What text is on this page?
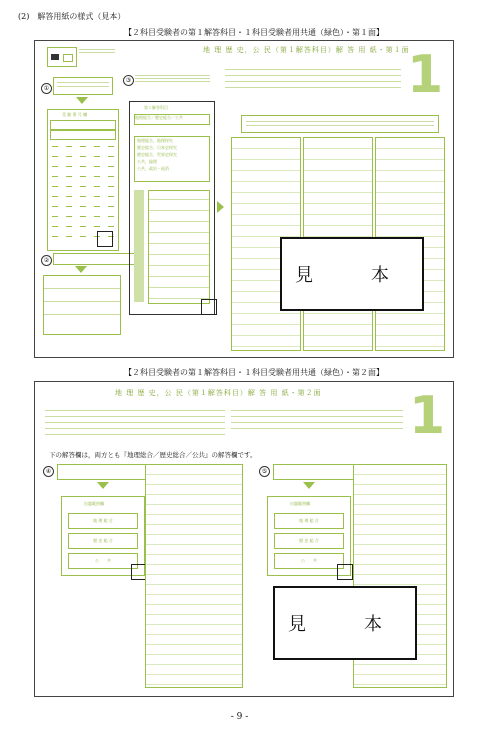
(2)　解答用紙の様式（見本）
【２科目受験者の第１解答科目・１科目受験者用共通（緑色）・第１面】
①
受 験 番 号 欄
②
③
第１解答科目
地理総合／歴史総合／公共
地理総合，地理探究
歴史総合，日本史探究
歴史総合，世界史探究
公共，倫理
公共，政治・経済
地 理 歴 史，公 民（第１解答科目）解 答 用 紙・第１面
1
見　本
【２科目受験者の第１解答科目・１科目受験者用共通（緑色）・第２面】
地 理 歴 史，公 民（第１解答科目）解 答 用 紙・第２面 1
下の解答欄は，両方とも『地理総合／歴史総合／公共』の解答欄です。
④
出題範囲欄
地 理 総 合
歴 史 総 合
公　　共
⑤
出題範囲欄
地 理 総 合
歴 史 総 合
公　　共
見　本
- 9 -
